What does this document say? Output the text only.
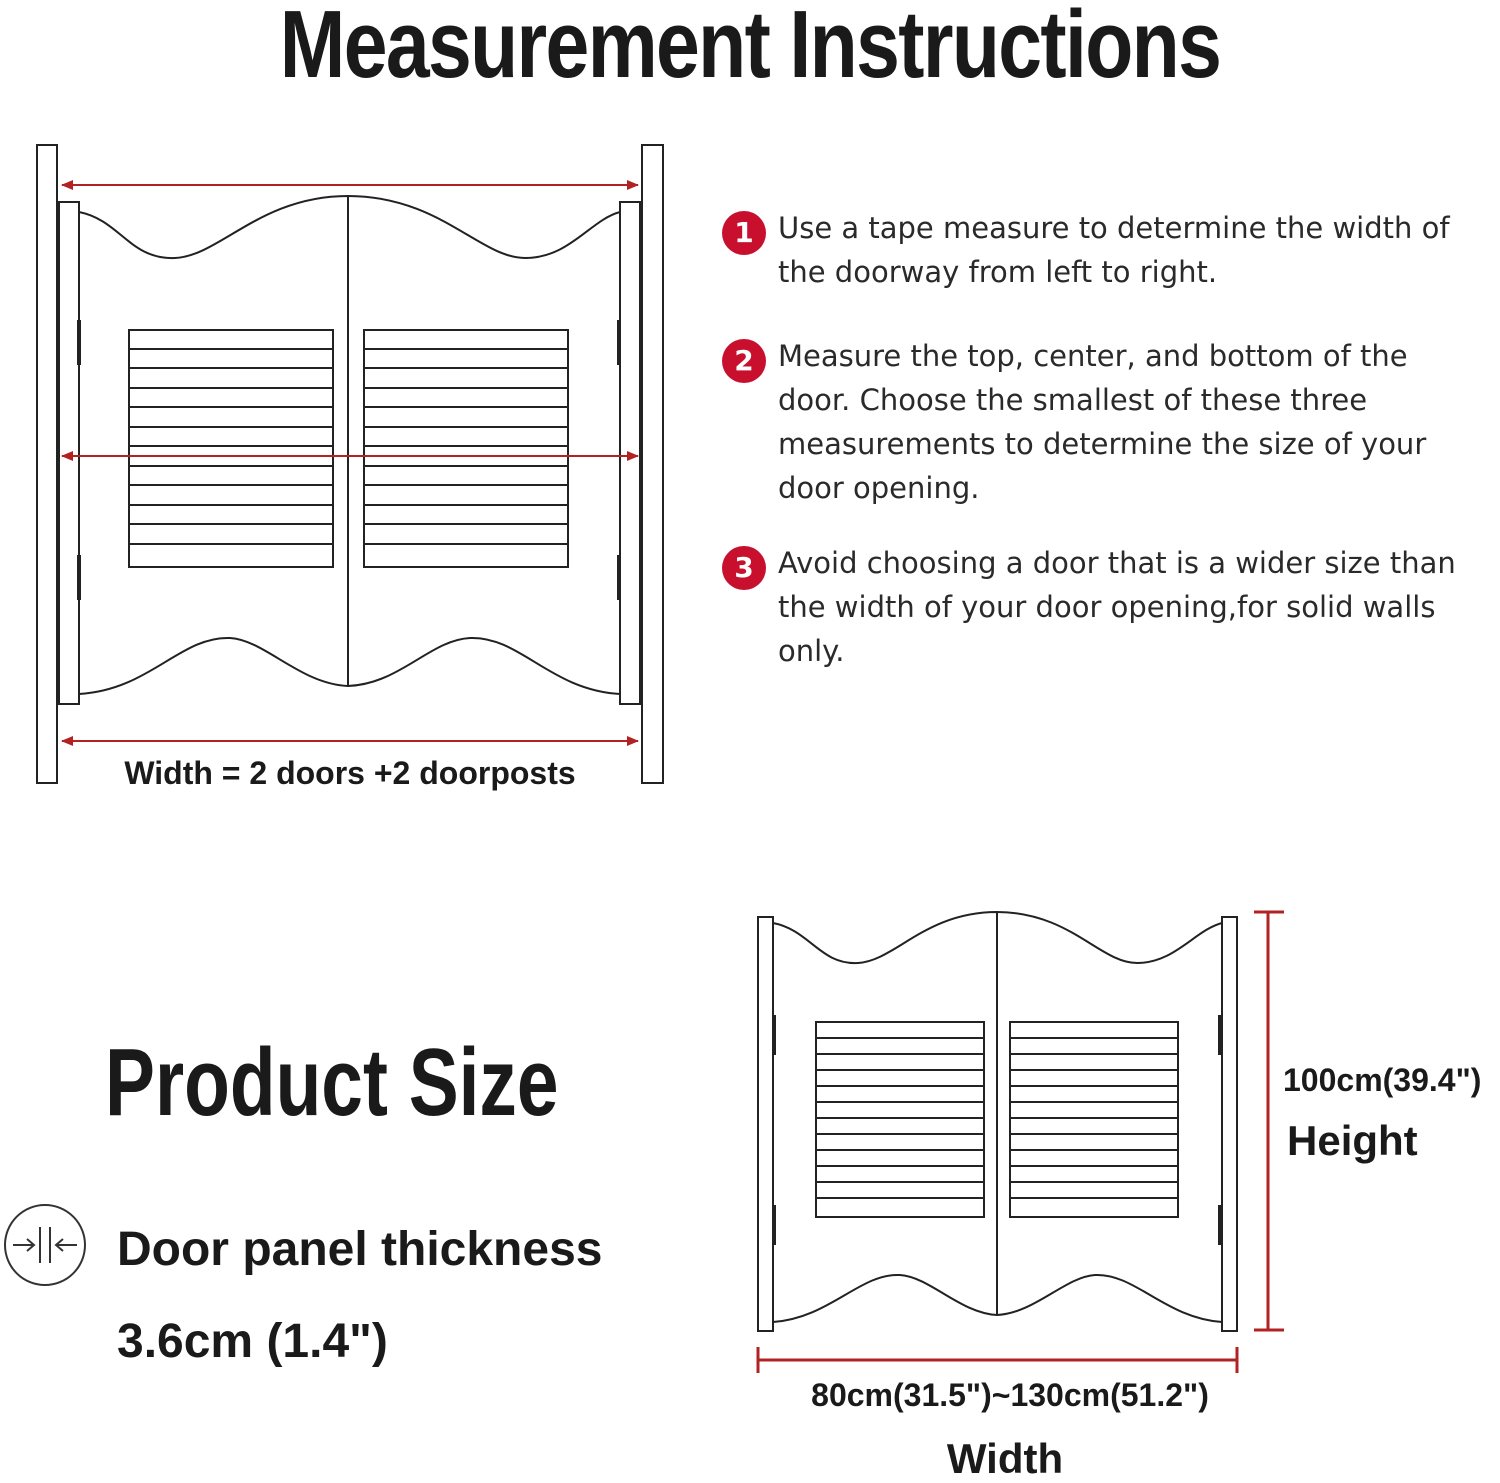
Measurement Instructions
Width = 2 doors +2 doorposts
1 Use a tape measure to determine the width of the doorway from left to right.
2 Measure the top, center, and bottom of the door. Choose the smallest of these three measurements to determine the size of your door opening.
3 Avoid choosing a door that is a wider size than the width of your door opening,for solid walls only.
Product Size
Door panel thickness
3.6cm (1.4")
100cm(39.4")
Height
80cm(31.5")~130cm(51.2")
Width
